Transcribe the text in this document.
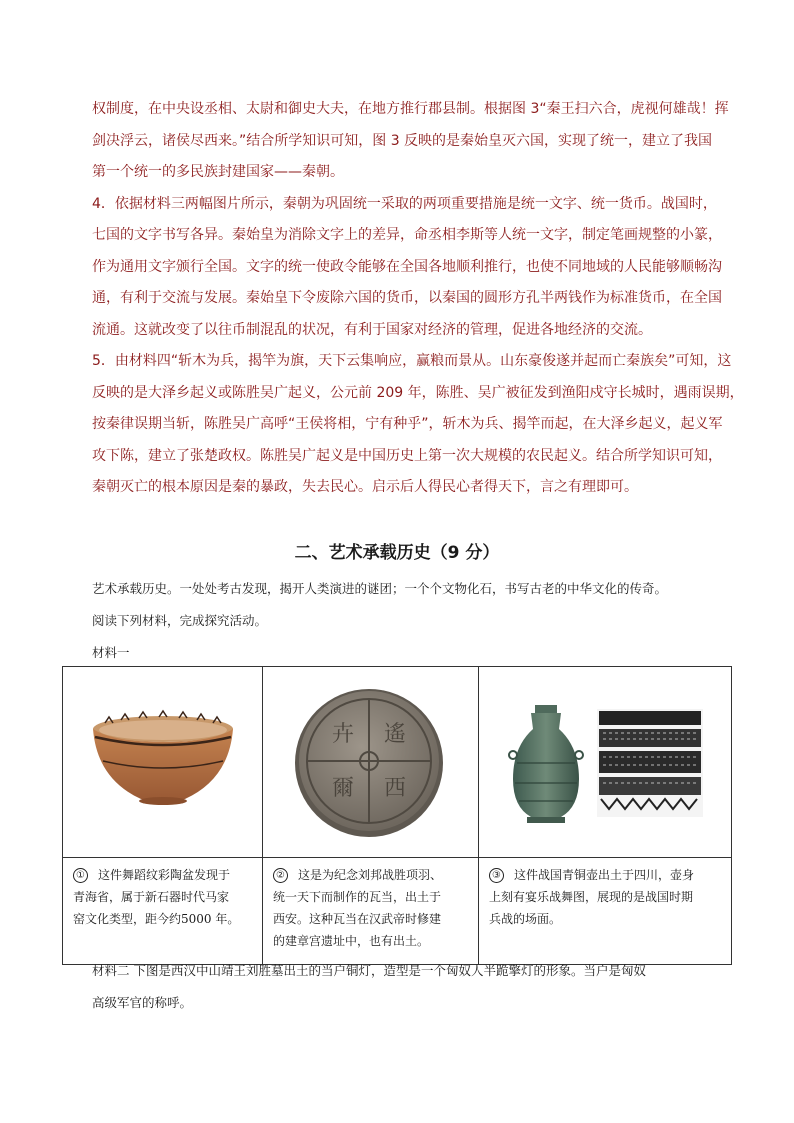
权制度，在中央设丞相、太尉和御史大夫，在地方推行郡县制。根据图 3“秦王扫六合，虎视何雄哉！挥

剑决浮云，诸侯尽西来。”结合所学知识可知，图 3 反映的是秦始皇灭六国，实现了统一，建立了我国

第一个统一的多民族封建国家——秦朝。

4．依据材料三两幅图片所示，秦朝为巩固统一采取的两项重要措施是统一文字、统一货币。战国时，

七国的文字书写各异。秦始皇为消除文字上的差异，命丞相李斯等人统一文字，制定笔画规整的小篆，

作为通用文字颁行全国。文字的统一使政令能够在全国各地顺利推行，也使不同地域的人民能够顺畅沟

通，有利于交流与发展。秦始皇下令废除六国的货币，以秦国的圆形方孔半两钱作为标准货币，在全国

流通。这就改变了以往币制混乱的状况，有利于国家对经济的管理，促进各地经济的交流。

5．由材料四“斩木为兵，揭竿为旗，天下云集响应，赢粮而景从。山东豪俊遂并起而亡秦族矣”可知，这

反映的是大泽乡起义或陈胜吴广起义，公元前 209 年，陈胜、吴广被征发到渔阳戍守长城时，遇雨误期，

按秦律误期当斩，陈胜吴广高呼“王侯将相，宁有种乎”，斩木为兵、揭竿而起，在大泽乡起义，起义军

攻下陈，建立了张楚政权。陈胜吴广起义是中国历史上第一次大规模的农民起义。结合所学知识可知，

秦朝灭亡的根本原因是秦的暴政，失去民心。启示后人得民心者得天下，言之有理即可。

二、艺术承载历史（9 分）

艺术承载历史。一处处考古发现，揭开人类演进的谜团；一个个文物化石，书写古老的中华文化的传奇。

阅读下列材料，完成探究活动。

材料一

遙
卉
爾 西

① 这件舞蹈纹彩陶盆发现于
青海省，属于新石器时代马家
窑文化类型，距今约5000 年。	② 这是为纪念刘邦战胜项羽、
统一天下而制作的瓦当，出土于
西安。这种瓦当在汉武帝时修建
的建章宫遗址中，也有出土。	③ 这件战国青铜壶出土于四川，壶身
上刻有宴乐战舞图，展现的是战国时期
兵战的场面。

材料二 下图是西汉中山靖王刘胜墓出土的当户铜灯，造型是一个匈奴人半跪擎灯的形象。当户是匈奴

高级军官的称呼。
